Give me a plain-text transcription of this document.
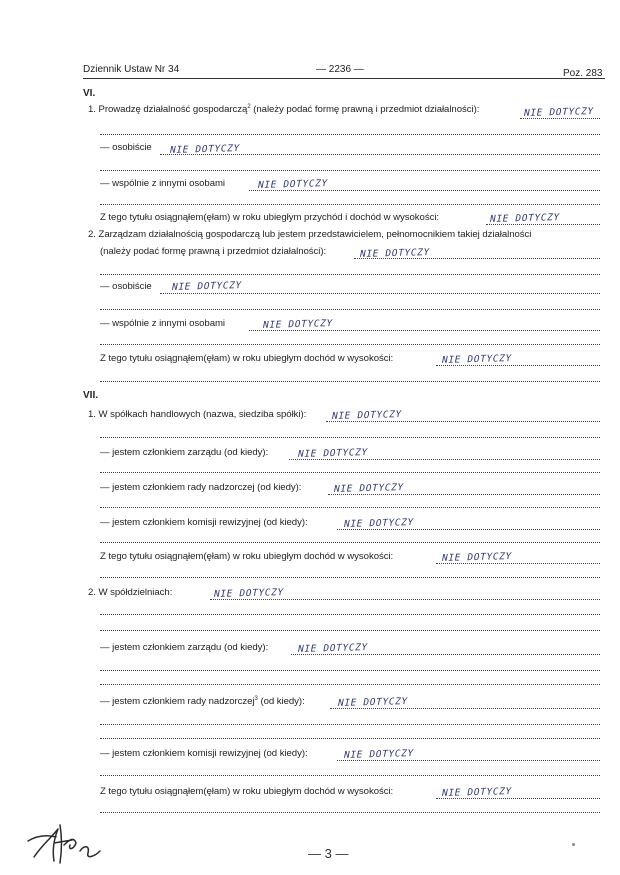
Dziennik Ustaw Nr 34	— 2236 —	Poz. 283
VI.
1. Prowadzę działalność gospodarczą$^2$ (należy podać formę prawną i przedmiot działalności):	NIE DOTYCZY
— osobiście NIE DOTYCZY
— wspólnie z innymi osobami	NIE DOTYCZY
Z tego tytułu osiągnąłem(ęłam) w roku ubiegłym przychód i dochód w wysokości:	NIE DOTYCZY
2. Zarządzam działalnością gospodarczą lub jestem przedstawicielem, pełnomocnikiem takiej działalności
(należy podać formę prawną i przedmiot działalności):	NIE DOTYCZY
— osobiście NIE DOTYCZY
— wspólnie z innymi osobami	NIE DOTYCZY
Z tego tytułu osiągnąłem(ęłam) w roku ubiegłym dochód w wysokości:	NIE DOTYCZY
VII.
1. W spółkach handlowych (nazwa, siedziba spółki):	NIE DOTYCZY
— jestem członkiem zarządu (od kiedy):	NIE DOTYCZY
— jestem członkiem rady nadzorczej (od kiedy):	NIE DOTYCZY
— jestem członkiem komisji rewizyjnej (od kiedy):	NIE DOTYCZY
Z tego tytułu osiągnąłem(ęłam) w roku ubiegłym dochód w wysokości:	NIE DOTYCZY
2. W spółdzielniach:	NIE DOTYCZY
— jestem członkiem zarządu (od kiedy):	NIE DOTYCZY
— jestem członkiem rady nadzorczej$^3$ (od kiedy):	NIE DOTYCZY
— jestem członkiem komisji rewizyjnej (od kiedy):	NIE DOTYCZY
Z tego tytułu osiągnąłem(ęłam) w roku ubiegłym dochód w wysokości:	NIE DOTYCZY
— 3 —
